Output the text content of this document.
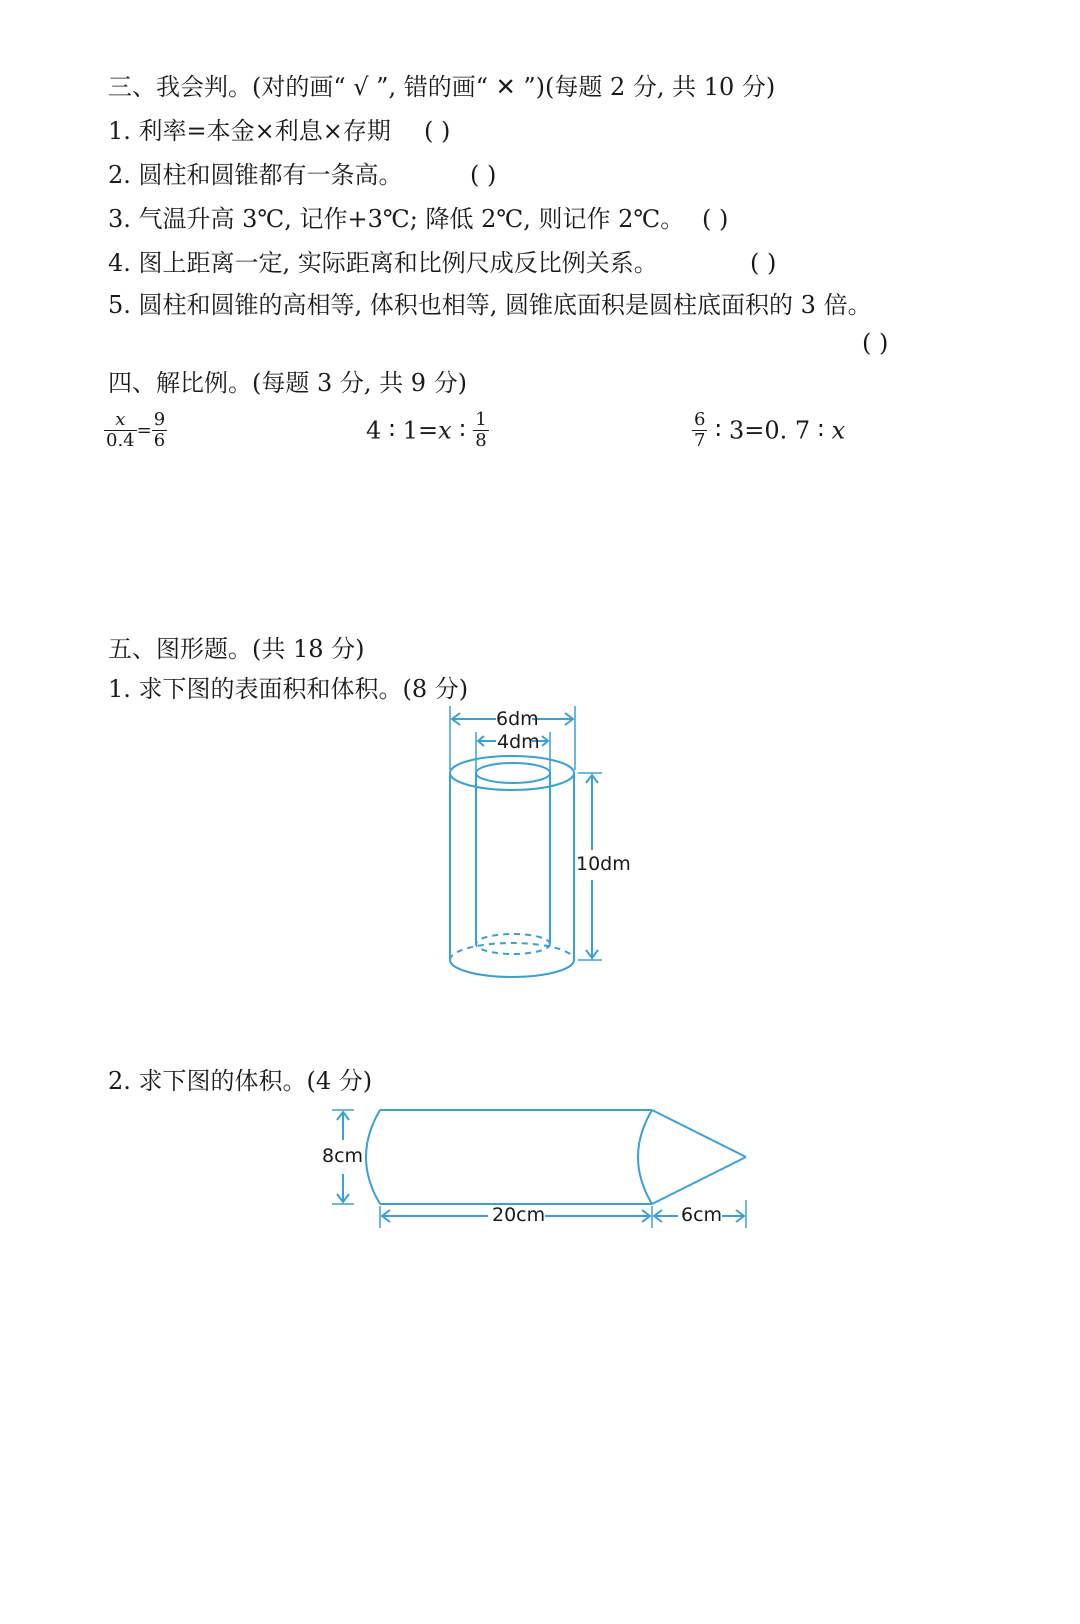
三、我会判。(对的画“ √ ”, 错的画“ ✕ ”)(每题 2 分, 共 10 分)
1. 利率=本金×利息×存期 ( )
2. 圆柱和圆锥都有一条高。	( )
3. 气温升高 3℃, 记作+3℃; 降低 2℃, 则记作 2℃。 ( )
4. 图上距离一定, 实际距离和比例尺成反比例关系。	( )
5. 圆柱和圆锥的高相等, 体积也相等, 圆锥底面积是圆柱底面积的 3 倍。
( )
四、解比例。(每题 3 分, 共 9 分)
$\frac{x}{0.4} = \frac{9}{6}$	4 ∶ 1=x ∶ $\frac{1}{8}$	$\frac{6}{7}$ ∶ 3=0. 7 ∶ x
五、图形题。(共 18 分)
1. 求下图的表面积和体积。(8 分)
2. 求下图的体积。(4 分)
6dm
4dm
10dm
8cm
20cm	6cm
